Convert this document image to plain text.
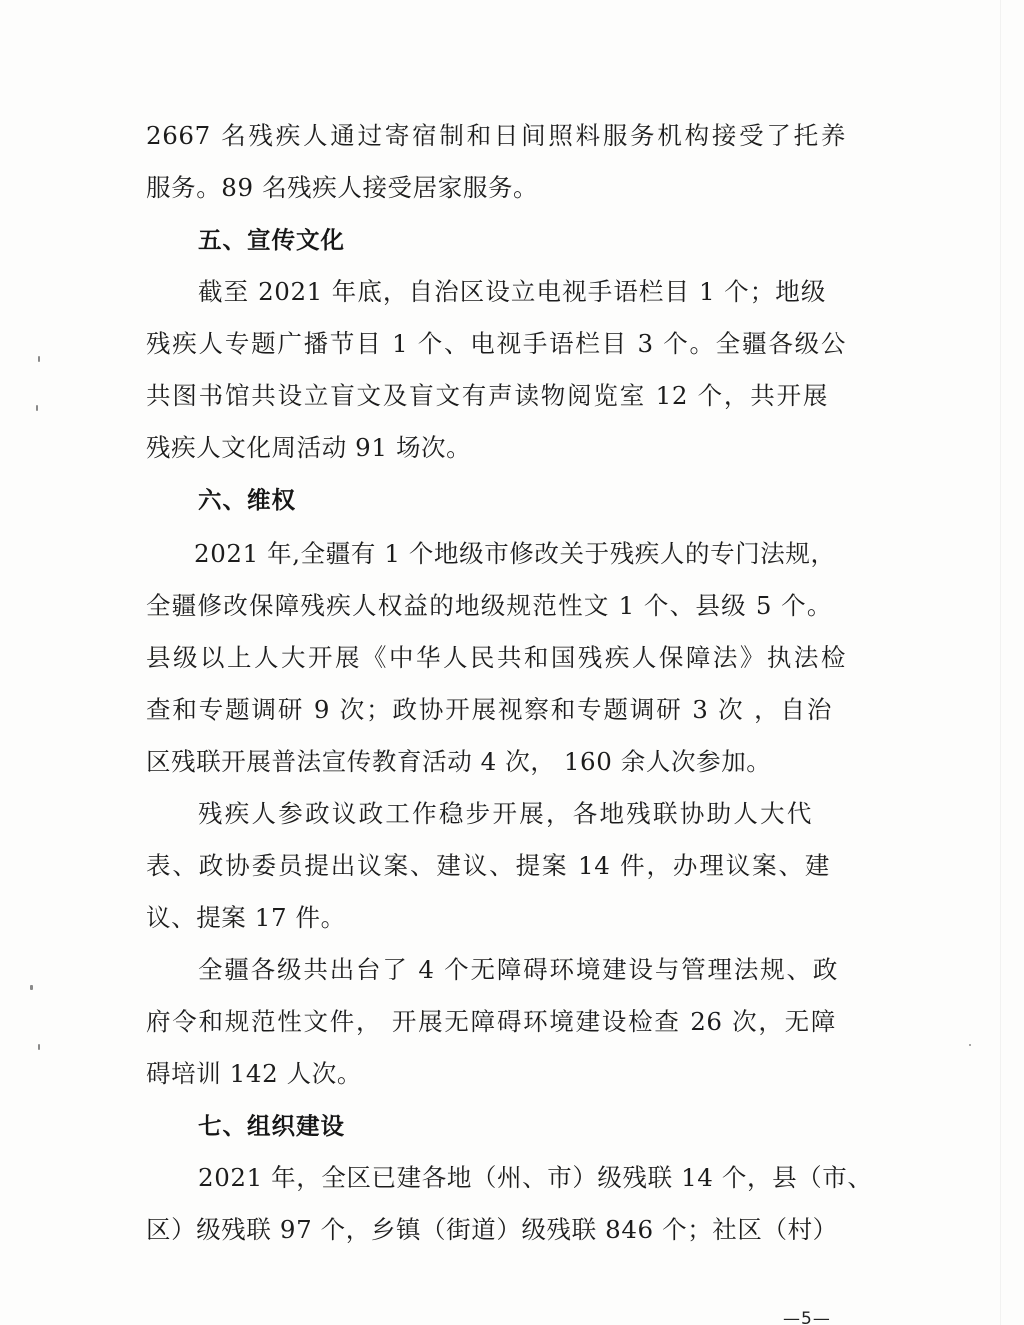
2667 名残疾人通过寄宿制和日间照料服务机构接受了托养
服务。89 名残疾人接受居家服务。
五、宣传文化
截至 2021 年底，自治区设立电视手语栏目 1 个；地级
残疾人专题广播节目 1 个、电视手语栏目 3 个。全疆各级公
共图书馆共设立盲文及盲文有声读物阅览室 12 个，共开展
残疾人文化周活动 91 场次。
六、维权
2021 年,全疆有 1 个地级市修改关于残疾人的专门法规，
全疆修改保障残疾人权益的地级规范性文 1 个、县级 5 个。
县级以上人大开展《中华人民共和国残疾人保障法》执法检
查和专题调研 9 次；政协开展视察和专题调研 3 次 ，自治
区残联开展普法宣传教育活动 4 次， 160 余人次参加。
残疾人参政议政工作稳步开展，各地残联协助人大代
表、政协委员提出议案、建议、提案 14 件，办理议案、建
议、提案 17 件。
全疆各级共出台了 4 个无障碍环境建设与管理法规、政
府令和规范性文件， 开展无障碍环境建设检查 26 次，无障
碍培训 142 人次。
七、组织建设
2021 年，全区已建各地（州、市）级残联 14 个，县（市、
区）级残联 97 个，乡镇（街道）级残联 846 个；社区（村）
—5—
